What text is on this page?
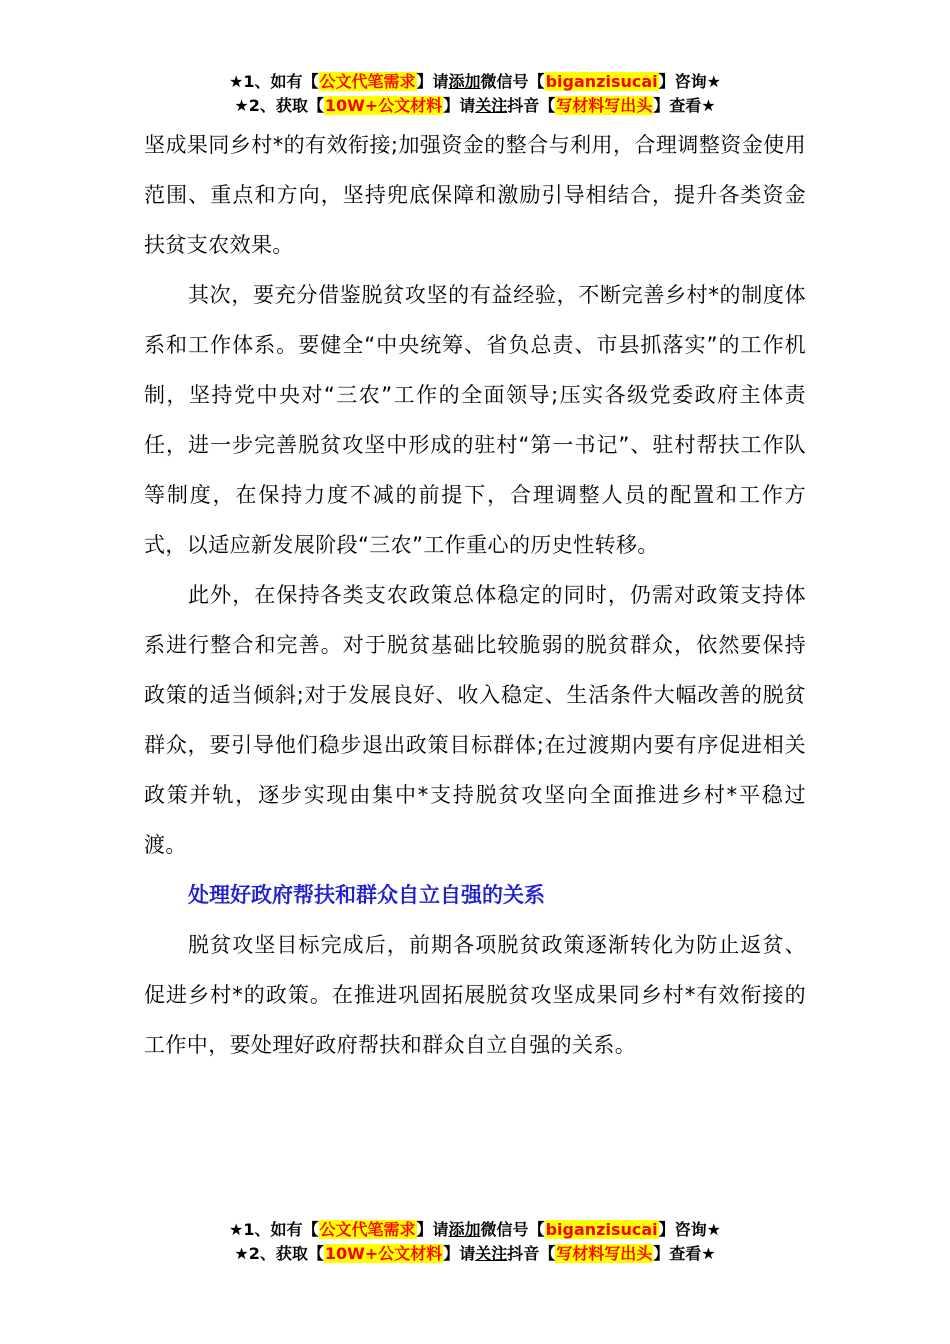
★1、如有【公文代笔需求】请添加微信号【biganzisucai】咨询★
★2、获取【10W+公文材料】请关注抖音【写材料写出头】查看★

坚成果同乡村*的有效衔接;加强资金的整合与利用，合理调整资金使用范围、重点和方向，坚持兜底保障和激励引导相结合，提升各类资金扶贫支农效果。

其次，要充分借鉴脱贫攻坚的有益经验，不断完善乡村*的制度体系和工作体系。要健全“中央统筹、省负总责、市县抓落实”的工作机制，坚持党中央对“三农”工作的全面领导;压实各级党委政府主体责任，进一步完善脱贫攻坚中形成的驻村“第一书记”、驻村帮扶工作队等制度，在保持力度不减的前提下，合理调整人员的配置和工作方式，以适应新发展阶段“三农”工作重心的历史性转移。

此外，在保持各类支农政策总体稳定的同时，仍需对政策支持体系进行整合和完善。对于脱贫基础比较脆弱的脱贫群众，依然要保持政策的适当倾斜;对于发展良好、收入稳定、生活条件大幅改善的脱贫群众，要引导他们稳步退出政策目标群体;在过渡期内要有序促进相关政策并轨，逐步实现由集中*支持脱贫攻坚向全面推进乡村*平稳过渡。

处理好政府帮扶和群众自立自强的关系

脱贫攻坚目标完成后，前期各项脱贫政策逐渐转化为防止返贫、促进乡村*的政策。在推进巩固拓展脱贫攻坚成果同乡村*有效衔接的工作中，要处理好政府帮扶和群众自立自强的关系。

★1、如有【公文代笔需求】请添加微信号【biganzisucai】咨询★
★2、获取【10W+公文材料】请关注抖音【写材料写出头】查看★
